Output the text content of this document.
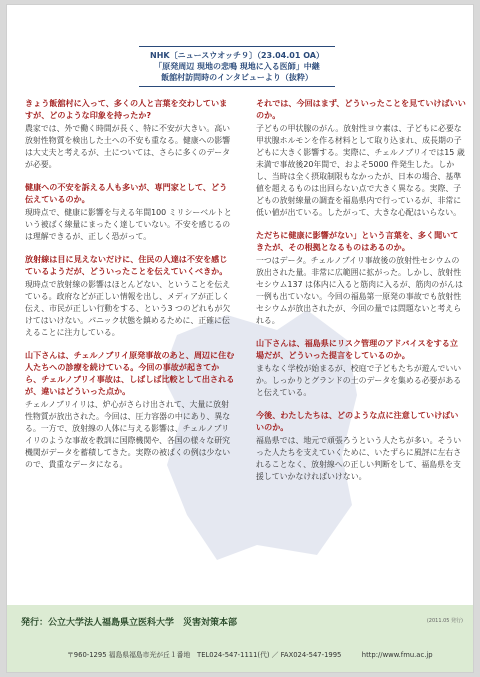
NHK〔ニュースウオッチ９〕（23.04.01 OA）
「原発周辺 現地の悲鳴 現地に入る医師」中継
飯舘村訪問時のインタビューより（抜粋）

きょう飯舘村に入って、多くの人と言葉を交わしていますが、どのような印象を持ったか?

農家では、外で働く時間が長く、特に不安が大きい。高い放射性物質を検出した土への不安も重なる。健康への影響は大丈夫と考えるが、土については、さらに多くのデータが必要。

健康への不安を訴える人も多いが、専門家として、どう伝えているのか。

現時点で、健康に影響を与える年間100 ミリシーベルトという被ばく線量にまったく達していない。不安を感じるのは理解できるが、正しく恐がって。

放射線は目に見えないだけに、住民の人達は不安を感じているようだが、どういったことを伝えていくべきか。

現時点で放射線の影響はほとんどない、ということを伝えている。政府などが正しい情報を出し、メディアが正しく伝え、市民が正しい行動をする、という3 つのどれもが欠けてはいけない。パニック状態を鎮めるために、正確に伝えることに注力している。

山下さんは、チェルノブリイ原発事故のあと、周辺に住む人たちへの診療を続けている。今回の事故が起きてから、チェルノブリイ事故は、しばしば比較として出されるが、違いはどういった点か。

チェルノブリイリは、炉心がさらけ出されて、大量に放射性物質が放出された。今回は、圧力容器の中にあり、異なる。一方で、放射線の人体に与える影響は、チェルノブリイリのような事故を教訓に国際機関や、各国の様々な研究機関がデータを蓄積してきた。実際の被ばくの例は少ないので、貴重なデータになる。

それでは、今回はまず、どういったことを見ていけばいいのか。

子どもの甲状腺のがん。放射性ヨウ素は、子どもに必要な甲状腺ホルモンを作る材料として取り込まれ、成長期の子どもに大きく影響する。実際に、チェルノブリイでは15 歳未満で事故後20年間で、およそ5000 件発生した。しかし、当時は全く摂取制限もなかったが、日本の場合、基準値を超えるものは出回らない点で大きく異なる。実際、子どもの放射線量の調査を福島県内で行っているが、非常に低い値が出ている。したがって、大きな心配はいらない。

ただちに健康に影響がない」という言葉を、多く聞いてきたが、その根拠となるものはあるのか。

一つはデータ。チェルノブイリ事故後の放射性セシウムの放出された量。非常に広範囲に拡がった。しかし、放射性セシウム137 は体内に入ると筋肉に入るが、筋肉のがんは一例も出ていない。今回の福島第一原発の事故でも放射性セシウムが放出されたが、今回の量では問題ないと考えられる。

山下さんは、福島県にリスク管理のアドバイスをする立場だが、どういった提言をしているのか。

まもなく学校が始まるが、校庭で子どもたちが遊んでいいか。しっかりとグランドの土のデータを集める必要があると伝えている。

今後、わたしたちは、どのような点に注意していけばいいのか。

福島県では、地元で頑張ろうという人たちが多い。そういった人たちを支えていくために、いたずらに風評に左右されることなく、放射線への正しい判断をして、福島県を支援していかなければいけない。

発行：公立大学法人福島県立医科大学　災害対策本部	(2011.05 発行)
〒960-1295 福島県福島市光が丘１番地　TEL024-547-1111(代) ／ FAX024-547-1995　　　http://www.fmu.ac.jp
